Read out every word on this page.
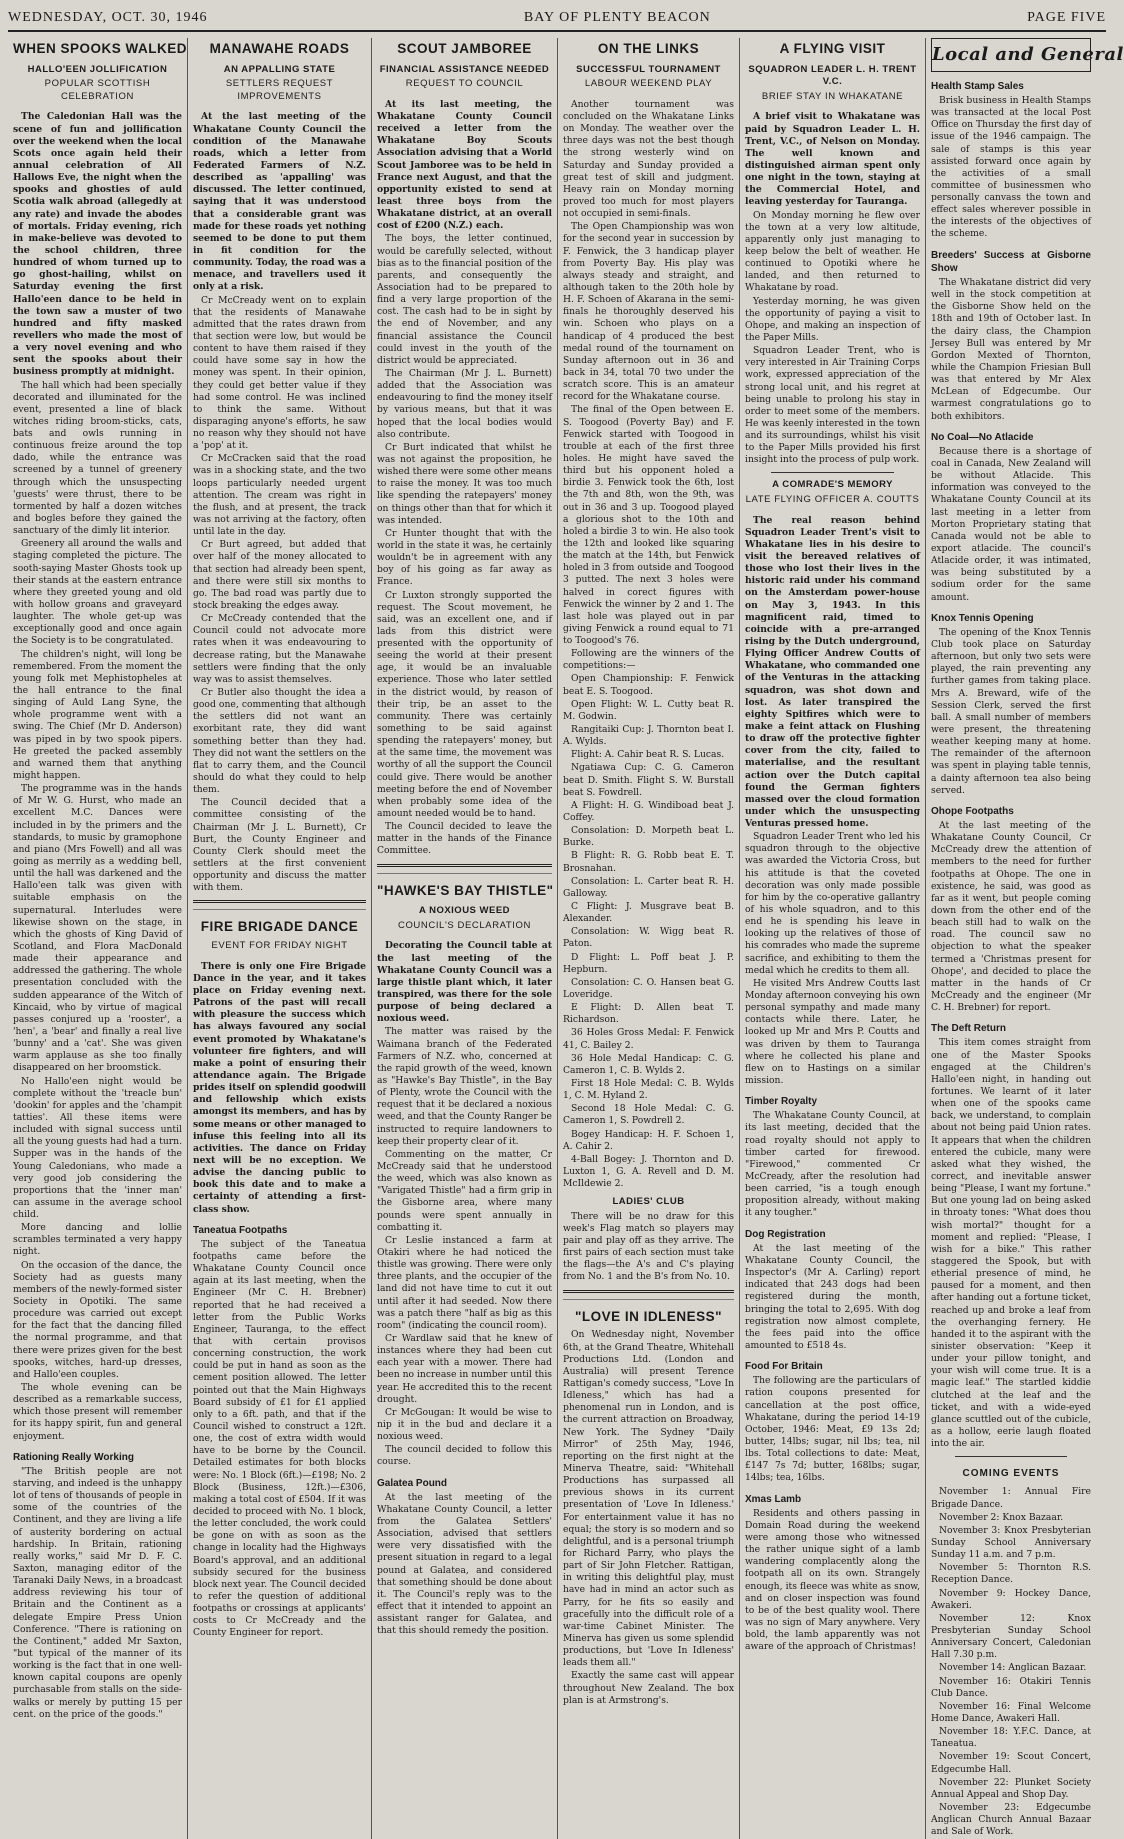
WEDNESDAY, OCT. 30, 1946	BAY OF PLENTY BEACON	PAGE FIVE
WHEN SPOOKS WALKED
HALLO'EEN JOLLIFICATION
POPULAR SCOTTISH CELEBRATION

The Caledonian Hall was the scene of fun and jollification over the weekend when the local Scots once again held their annual celebration of All Hallows Eve, the night when the spooks and ghosties of auld Scotia walk abroad (allegedly at any rate) and invade the abodes of mortals. Friday evening, rich in make-believe was devoted to the school children, three hundred of whom turned up to go ghost-hailing, whilst on Saturday evening the first Hallo'een dance to be held in the town saw a muster of two hundred and fifty masked revellers who made the most of a very novel evening and who sent the spooks about their business promptly at midnight.

The hall which had been specially decorated and illuminated for the event, presented a line of black witches riding broom-sticks, cats, bats and owls running in continuous freize around the top dado, while the entrance was screened by a tunnel of greenery through which the unsuspecting 'guests' were thrust, there to be tormented by half a dozen witches and bogles before they gained the sanctuary of the dimly lit interior.

Greenery all around the walls and staging completed the picture. The sooth-saying Master Ghosts took up their stands at the eastern entrance where they greeted young and old with hollow groans and graveyard laughter. The whole get-up was exceptionally good and once again the Society is to be congratulated.

The children's night, will long be remembered. From the moment the young folk met Mephistopheles at the hall entrance to the final singing of Auld Lang Syne, the whole programme went with a swing. The Chief (Mr D. Anderson) was piped in by two spook pipers. He greeted the packed assembly and warned them that anything might happen.

The programme was in the hands of Mr W. G. Hurst, who made an excellent M.C. Dances were included in by the primers and the standards, to music by gramophone and piano (Mrs Fowell) and all was going as merrily as a wedding bell, until the hall was darkened and the Hallo'een talk was given with suitable emphasis on the supernatural. Interludes were likewise shown on the stage, in which the ghosts of King David of Scotland, and Flora MacDonald made their appearance and addressed the gathering. The whole presentation concluded with the sudden appearance of the Witch of Kincaid, who by virtue of magical passes conjured up a 'rooster', a 'hen', a 'bear' and finally a real live 'bunny' and a 'cat'. She was given warm applause as she too finally disappeared on her broomstick.

No Hallo'een night would be complete without the 'treacle bun' 'dookin' for apples and the 'champit tatties'. All these items were included with signal success until all the young guests had had a turn. Supper was in the hands of the Young Caledonians, who made a very good job considering the proportions that the 'inner man' can assume in the average school child.

More dancing and lollie scrambles terminated a very happy night.

On the occasion of the dance, the Society had as guests many members of the newly-formed sister Society in Opotiki. The same procedure was carried out except for the fact that the dancing filled the normal programme, and that there were prizes given for the best spooks, witches, hard-up dresses, and Hallo'een couples.

The whole evening can be described as a remarkable success, which those present will remember for its happy spirit, fun and general enjoyment.

Rationing Really Working

"The British people are not starving, and indeed is the unhappy lot of tens of thousands of people in some of the countries of the Continent, and they are living a life of austerity bordering on actual hardship. In Britain, rationing really works," said Mr D. F. C. Saxton, managing editor of the Taranaki Daily News, in a broadcast address reviewing his tour of Britain and the Continent as a delegate Empire Press Union Conference. "There is rationing on the Continent," added Mr Saxton, "but typical of the manner of its working is the fact that in one well-known capital coupons are openly purchasable from stalls on the side-walks or merely by putting 15 per cent. on the price of the goods."

MANAWAHE ROADS
AN APPALLING STATE
SETTLERS REQUEST IMPROVEMENTS

At the last meeting of the Whakatane County Council the condition of the Manawahe roads, which a letter from Federated Farmers of N.Z. described as 'appalling' was discussed. The letter continued, saying that it was understood that a considerable grant was made for these roads yet nothing seemed to be done to put them in fit condition for the community. Today, the road was a menace, and travellers used it only at a risk.

Cr McCready went on to explain that the residents of Manawahe admitted that the rates drawn from that section were low, but would be content to have them raised if they could have some say in how the money was spent. In their opinion, they could get better value if they had some control. He was inclined to think the same. Without disparaging anyone's efforts, he saw no reason why they should not have a 'pop' at it.

Cr McCracken said that the road was in a shocking state, and the two loops particularly needed urgent attention. The cream was right in the flush, and at present, the track was not arriving at the factory, often until late in the day.

Cr Burt agreed, but added that over half of the money allocated to that section had already been spent, and there were still six months to go. The bad road was partly due to stock breaking the edges away.

Cr McCready contended that the Council could not advocate more rates when it was endeavouring to decrease rating, but the Manawahe settlers were finding that the only way was to assist themselves.

Cr Butler also thought the idea a good one, commenting that although the settlers did not want an exorbitant rate, they did want something better than they had. They did not want the settlers on the flat to carry them, and the Council should do what they could to help them.

The Council decided that a committee consisting of the Chairman (Mr J. L. Burnett), Cr Burt, the County Engineer and County Clerk should meet the settlers at the first convenient opportunity and discuss the matter with them.

FIRE BRIGADE DANCE
EVENT FOR FRIDAY NIGHT

There is only one Fire Brigade Dance in the year, and it takes place on Friday evening next. Patrons of the past will recall with pleasure the success which has always favoured any social event promoted by Whakatane's volunteer fire fighters, and will make a point of ensuring their attendance again. The Brigade prides itself on splendid goodwill and fellowship which exists amongst its members, and has by some means or other managed to infuse this feeling into all its activities. The dance on Friday next will be no exception. We advise the dancing public to book this date and to make a certainty of attending a first-class show.

Taneatua Footpaths

The subject of the Taneatua footpaths came before the Whakatane County Council once again at its last meeting, when the Engineer (Mr C. H. Brebner) reported that he had received a letter from the Public Works Engineer, Tauranga, to the effect that with certain provisos concerning construction, the work could be put in hand as soon as the cement position allowed. The letter pointed out that the Main Highways Board subsidy of £1 for £1 applied only to a 6ft. path, and that if the Council wished to construct a 12ft. one, the cost of extra width would have to be borne by the Council. Detailed estimates for both blocks were: No. 1 Block (6ft.)—£198; No. 2 Block (Business, 12ft.)—£306, making a total cost of £504. If it was decided to proceed with No. 1 block, the letter concluded, the work could be gone on with as soon as the change in locality had the Highways Board's approval, and an additional subsidy secured for the business block next year. The Council decided to refer the question of additional footpaths or crossings at applicants' costs to Cr McCready and the County Engineer for report.

SCOUT JAMBOREE
FINANCIAL ASSISTANCE NEEDED
REQUEST TO COUNCIL

At its last meeting, the Whakatane County Council received a letter from the Whakatane Boy Scouts Association advising that a World Scout Jamboree was to be held in France next August, and that the opportunity existed to send at least three boys from the Whakatane district, at an overall cost of £200 (N.Z.) each.

The boys, the letter continued, would be carefully selected, without bias as to the financial position of the parents, and consequently the Association had to be prepared to find a very large proportion of the cost. The cash had to be in sight by the end of November, and any financial assistance the Council could invest in the youth of the district would be appreciated.

The Chairman (Mr J. L. Burnett) added that the Association was endeavouring to find the money itself by various means, but that it was hoped that the local bodies would also contribute.

Cr Burt indicated that whilst he was not against the proposition, he wished there were some other means to raise the money. It was too much like spending the ratepayers' money on things other than that for which it was intended.

Cr Hunter thought that with the world in the state it was, he certainly wouldn't be in agreement with any boy of his going as far away as France.

Cr Luxton strongly supported the request. The Scout movement, he said, was an excellent one, and if lads from this district were presented with the opportunity of seeing the world at their present age, it would be an invaluable experience. Those who later settled in the district would, by reason of their trip, be an asset to the community. There was certainly something to be said against spending the ratepayers' money, but at the same time, the movement was worthy of all the support the Council could give. There would be another meeting before the end of November when probably some idea of the amount needed would be to hand.

The Council decided to leave the matter in the hands of the Finance Committee.

"HAWKE'S BAY THISTLE"
A NOXIOUS WEED
COUNCIL'S DECLARATION

Decorating the Council table at the last meeting of the Whakatane County Council was a large thistle plant which, it later transpired, was there for the sole purpose of being declared a noxious weed.

The matter was raised by the Waimana branch of the Federated Farmers of N.Z. who, concerned at the rapid growth of the weed, known as "Hawke's Bay Thistle", in the Bay of Plenty, wrote the Council with the request that it be declared a noxious weed, and that the County Ranger be instructed to require landowners to keep their property clear of it.

Commenting on the matter, Cr McCready said that he understood the weed, which was also known as "Varigated Thistle" had a firm grip in the Gisborne area, where many pounds were spent annually in combatting it.

Cr Leslie instanced a farm at Otakiri where he had noticed the thistle was growing. There were only three plants, and the occupier of the land did not have time to cut it out until after it had seeded. Now there was a patch there "half as big as this room" (indicating the council room).

Cr Wardlaw said that he knew of instances where they had been cut each year with a mower. There had been no increase in number until this year. He accredited this to the recent drought.

Cr McGougan: It would be wise to nip it in the bud and declare it a noxious weed.

The council decided to follow this course.

Galatea Pound

At the last meeting of the Whakatane County Council, a letter from the Galatea Settlers' Association, advised that settlers were very dissatisfied with the present situation in regard to a legal pound at Galatea, and considered that something should be done about it. The Council's reply was to the effect that it intended to appoint an assistant ranger for Galatea, and that this should remedy the position.

ON THE LINKS
SUCCESSFUL TOURNAMENT
LABOUR WEEKEND PLAY

Another tournament was concluded on the Whakatane Links on Monday. The weather over the three days was not the best though the strong westerly wind on Saturday and Sunday provided a great test of skill and judgment. Heavy rain on Monday morning proved too much for most players not occupied in semi-finals.

The Open Championship was won for the second year in succession by F. Fenwick, the 3 handicap player from Poverty Bay. His play was always steady and straight, and although taken to the 20th hole by H. F. Schoen of Akarana in the semi-finals he thoroughly deserved his win. Schoen who plays on a handicap of 4 produced the best medal round of the tournament on Sunday afternoon out in 36 and back in 34, total 70 two under the scratch score. This is an amateur record for the Whakatane course.

The final of the Open between E. S. Toogood (Poverty Bay) and F. Fenwick started with Toogood in trouble at each of the first three holes. He might have saved the third but his opponent holed a birdie 3. Fenwick took the 6th, lost the 7th and 8th, won the 9th, was out in 36 and 3 up. Toogood played a glorious shot to the 10th and holed a birdie 3 to win. He also took the 12th and looked like squaring the match at the 14th, but Fenwick holed in 3 from outside and Toogood 3 putted. The next 3 holes were halved in corect figures with Fenwick the winner by 2 and 1. The last hole was played out in par giving Fenwick a round equal to 71 to Toogood's 76.

Following are the winners of the competitions:—

Open Championship: F. Fenwick beat E. S. Toogood.

Open Flight: W. L. Cutty beat R. M. Godwin.

Rangitaiki Cup: J. Thornton beat I. A. Wylds.

Flight: A. Cahir beat R. S. Lucas.

Ngatiawa Cup: C. G. Cameron beat D. Smith. Flight S. W. Burstall beat S. Fowdrell.

A Flight: H. G. Windiboad beat J. Coffey.

Consolation: D. Morpeth beat L. Burke.

B Flight: R. G. Robb beat E. T. Brosnahan.

Consolation: L. Carter beat R. H. Galloway.

C Flight: J. Musgrave beat B. Alexander.

Consolation: W. Wigg beat R. Paton.

D Flight: L. Poff beat J. P. Hepburn.

Consolation: C. O. Hansen beat G. Loveridge.

E Flight: D. Allen beat T. Richardson.

36 Holes Gross Medal: F. Fenwick 41, C. Bailey 2.

36 Hole Medal Handicap: C. G. Cameron 1, C. B. Wylds 2.

First 18 Hole Medal: C. B. Wylds 1, C. M. Hyland 2.

Second 18 Hole Medal: C. G. Cameron 1, S. Powdrell 2.

Bogey Handicap: H. F. Schoen 1, A. Cahir 2.

4-Ball Bogey: J. Thornton and D. Luxton 1, G. A. Revell and D. M. McIldewie 2.

LADIES' CLUB

There will be no draw for this week's Flag match so players may pair and play off as they arrive. The first pairs of each section must take the flags—the A's and C's playing from No. 1 and the B's from No. 10.

"LOVE IN IDLENESS"

On Wednesday night, November 6th, at the Grand Theatre, Whitehall Productions Ltd. (London and Australia) will present Terence Rattigan's comedy success, "Love In Idleness," which has had a phenomenal run in London, and is the current attraction on Broadway, New York. The Sydney "Daily Mirror" of 25th May, 1946, reporting on the first night at the Minerva Theatre, said: "Whitehall Productions has surpassed all previous shows in its current presentation of 'Love In Idleness.' For entertainment value it has no equal; the story is so modern and so delightful, and is a personal triumph for Richard Parry, who plays the part of Sir John Fletcher. Rattigan, in writing this delightful play, must have had in mind an actor such as Parry, for he fits so easily and gracefully into the difficult role of a war-time Cabinet Minister. The Minerva has given us some splendid productions, but 'Love In Idleness' leads them all."

Exactly the same cast will appear throughout New Zealand. The box plan is at Armstrong's.

A FLYING VISIT
SQUADRON LEADER L. H. TRENT V.C.
BRIEF STAY IN WHAKATANE

A brief visit to Whakatane was paid by Squadron Leader L. H. Trent, V.C., of Nelson on Monday. The well known and distinguished airman spent only one night in the town, staying at the Commercial Hotel, and leaving yesterday for Tauranga.

On Monday morning he flew over the town at a very low altitude, apparently only just managing to keep below the belt of weather. He continued to Opotiki where he landed, and then returned to Whakatane by road.

Yesterday morning, he was given the opportunity of paying a visit to Ohope, and making an inspection of the Paper Mills.

Squadron Leader Trent, who is very interested in Air Training Corps work, expressed appreciation of the strong local unit, and his regret at being unable to prolong his stay in order to meet some of the members. He was keenly interested in the town and its surroundings, whilst his visit to the Paper Mills provided his first insight into the process of pulp work.

A COMRADE'S MEMORY
LATE FLYING OFFICER A. COUTTS

The real reason behind Squadron Leader Trent's visit to Whakatane lies in his desire to visit the bereaved relatives of those who lost their lives in the historic raid under his command on the Amsterdam power-house on May 3, 1943. In this magnificent raid, timed to coincide with a pre-arranged rising by the Dutch underground, Flying Officer Andrew Coutts of Whakatane, who commanded one of the Venturas in the attacking squadron, was shot down and lost. As later transpired the eighty Spitfires which were to make a feint attack on Flushing to draw off the protective fighter cover from the city, failed to materialise, and the resultant action over the Dutch capital found the German fighters massed over the cloud formation under which the unsuspecting Venturas pressed home.

Squadron Leader Trent who led his squadron through to the objective was awarded the Victoria Cross, but his attitude is that the coveted decoration was only made possible for him by the co-operative gallantry of his whole squadron, and to this end he is spending his leave in looking up the relatives of those of his comrades who made the supreme sacrifice, and exhibiting to them the medal which he credits to them all.

He visited Mrs Andrew Coutts last Monday afternoon conveying his own personal sympathy and made many contacts while there. Later, he looked up Mr and Mrs P. Coutts and was driven by them to Tauranga where he collected his plane and flew on to Hastings on a similar mission.

Timber Royalty

The Whakatane County Council, at its last meeting, decided that the road royalty should not apply to timber carted for firewood. "Firewood," commented Cr McCready, after the resolution had been carried, "is a tough enough proposition already, without making it any tougher."

Dog Registration

At the last meeting of the Whakatane County Council, the Inspector's (Mr A. Carling) report indicated that 243 dogs had been registered during the month, bringing the total to 2,695. With dog registration now almost complete, the fees paid into the office amounted to £518 4s.

Food For Britain

The following are the particulars of ration coupons presented for cancellation at the post office, Whakatane, during the period 14-19 October, 1946: Meat, £9 13s 2d; butter, 14lbs; sugar, nil lbs; tea, nil lbs. Total collections to date: Meat, £147 7s 7d; butter, 168lbs; sugar, 14lbs; tea, 16lbs.

Xmas Lamb

Residents and others passing in Domain Road during the weekend were among those who witnessed the rather unique sight of a lamb wandering complacently along the footpath all on its own. Strangely enough, its fleece was white as snow, and on closer inspection was found to be of the best quality wool. There was no sign of Mary anywhere. Very bold, the lamb apparently was not aware of the approach of Christmas!

Local and General
Health Stamp Sales

Brisk business in Health Stamps was transacted at the local Post Office on Thursday the first day of issue of the 1946 campaign. The sale of stamps is this year assisted forward once again by the activities of a small committee of businessmen who personally canvass the town and effect sales wherever possible in the interests of the objectives of the scheme.

Breeders' Success at Gisborne Show

The Whakatane district did very well in the stock competition at the Gisborne Show held on the 18th and 19th of October last. In the dairy class, the Champion Jersey Bull was entered by Mr Gordon Mexted of Thornton, while the Champion Friesian Bull was that entered by Mr Alex McLean of Edgecumbe. Our warmest congratulations go to both exhibitors.

No Coal—No Atlacide

Because there is a shortage of coal in Canada, New Zealand will be without Atlacide. This information was conveyed to the Whakatane County Council at its last meeting in a letter from Morton Proprietary stating that Canada would not be able to export atlacide. The council's Atlacide order, it was intimated, was being substituted by a sodium order for the same amount.

Knox Tennis Opening

The opening of the Knox Tennis Club took place on Saturday afternoon, but only two sets were played, the rain preventing any further games from taking place. Mrs A. Breward, wife of the Session Clerk, served the first ball. A small number of members were present, the threatening weather keeping many at home. The remainder of the afternoon was spent in playing table tennis, a dainty afternoon tea also being served.

Ohope Footpaths

At the last meeting of the Whakatane County Council, Cr McCready drew the attention of members to the need for further footpaths at Ohope. The one in existence, he said, was good as far as it went, but people coming down from the other end of the beach still had to walk on the road. The council saw no objection to what the speaker termed a 'Christmas present for Ohope', and decided to place the matter in the hands of Cr McCready and the engineer (Mr C. H. Brebner) for report.

The Deft Return

This item comes straight from one of the Master Spooks engaged at the Children's Hallo'een night, in handing out fortunes. We learnt of it later when one of the spooks came back, we understand, to complain about not being paid Union rates. It appears that when the children entered the cubicle, many were asked what they wished, the correct, and inevitable answer being "Please, I want my fortune." But one young lad on being asked in throaty tones: "What does thou wish mortal?" thought for a moment and replied: "Please, I wish for a bike." This rather staggered the Spook, but with etherial presence of mind, he paused for a moment, and then after handing out a fortune ticket, reached up and broke a leaf from the overhanging fernery. He handed it to the aspirant with the sinister observation: "Keep it under your pillow tonight, and your wish will come true. It is a magic leaf." The startled kiddie clutched at the leaf and the ticket, and with a wide-eyed glance scuttled out of the cubicle, as a hollow, eerie laugh floated into the air.

COMING EVENTS

November 1: Annual Fire Brigade Dance.

November 2: Knox Bazaar.

November 3: Knox Presbyterian Sunday School Anniversary Sunday 11 a.m. and 7 p.m.

November 5: Thornton R.S. Reception Dance.

November 9: Hockey Dance, Awakeri.

November 12: Knox Presbyterian Sunday School Anniversary Concert, Caledonian Hall 7.30 p.m.

November 14: Anglican Bazaar.

November 16: Otakiri Tennis Club Dance.

November 16: Final Welcome Home Dance, Awakeri Hall.

November 18: Y.F.C. Dance, at Taneatua.

November 19: Scout Concert, Edgecumbe Hall.

November 22: Plunket Society Annual Appeal and Shop Day.

November 23: Edgecumbe Anglican Church Annual Bazaar and Sale of Work.
